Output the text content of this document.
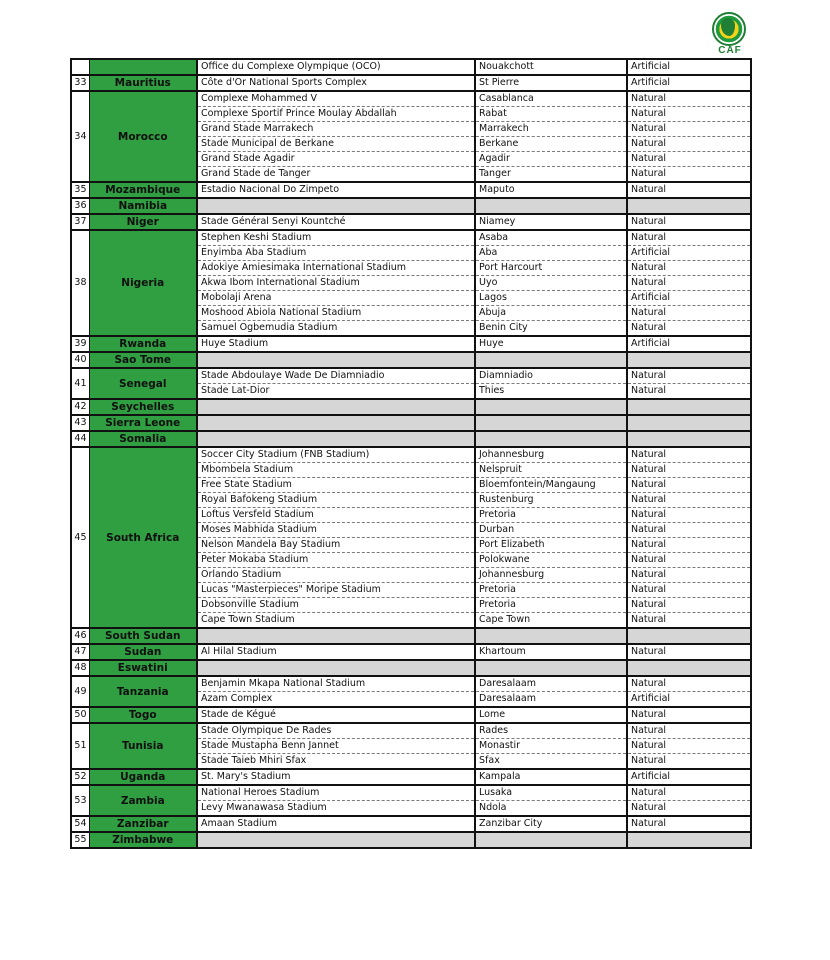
CAF
		Office du Complexe Olympique (OCO)	Nouakchott	Artificial
33	Mauritius	Côte d'Or National Sports Complex	St Pierre	Artificial
34	Morocco	Complexe Mohammed V	Casablanca	Natural
		Complexe Sportif Prince Moulay Abdallah	Rabat	Natural
		Grand Stade Marrakech	Marrakech	Natural
		Stade Municipal de Berkane	Berkane	Natural
		Grand Stade Agadir	Agadir	Natural
		Grand Stade de Tanger	Tanger	Natural
35	Mozambique	Estadio Nacional Do Zimpeto	Maputo	Natural
36	Namibia			
37	Niger	Stade Général Senyi Kountché	Niamey	Natural
38	Nigeria	Stephen Keshi Stadium	Asaba	Natural
		Enyimba Aba Stadium	Aba	Artificial
		Adokiye Amiesimaka International Stadium	Port Harcourt	Natural
		Akwa Ibom International Stadium	Uyo	Natural
		Mobolaji Arena	Lagos	Artificial
		Moshood Abiola National Stadium	Abuja	Natural
		Samuel Ogbemudia Stadium	Benin City	Natural
39	Rwanda	Huye Stadium	Huye	Artificial
40	Sao Tome			
41	Senegal	Stade Abdoulaye Wade De Diamniadio	Diamniadio	Natural
		Stade Lat-Dior	Thies	Natural
42	Seychelles			
43	Sierra Leone			
44	Somalia			
45	South Africa	Soccer City Stadium (FNB Stadium)	Johannesburg	Natural
		Mbombela Stadium	Nelspruit	Natural
		Free State Stadium	Bloemfontein/Mangaung	Natural
		Royal Bafokeng Stadium	Rustenburg	Natural
		Loftus Versfeld Stadium	Pretoria	Natural
		Moses Mabhida Stadium	Durban	Natural
		Nelson Mandela Bay Stadium	Port Elizabeth	Natural
		Peter Mokaba Stadium	Polokwane	Natural
		Orlando Stadium	Johannesburg	Natural
		Lucas "Masterpieces" Moripe Stadium	Pretoria	Natural
		Dobsonville Stadium	Pretoria	Natural
		Cape Town Stadium	Cape Town	Natural
46	South Sudan			
47	Sudan	Al Hilal Stadium	Khartoum	Natural
48	Eswatini			
49	Tanzania	Benjamin Mkapa National Stadium	Daresalaam	Natural
		Azam Complex	Daresalaam	Artificial
50	Togo	Stade de Kégué	Lome	Natural
51	Tunisia	Stade Olympique De Rades	Rades	Natural
		Stade Mustapha Benn Jannet	Monastir	Natural
		Stade Taieb Mhiri Sfax	Sfax	Natural
52	Uganda	St. Mary's Stadium	Kampala	Artificial
53	Zambia	National Heroes Stadium	Lusaka	Natural
		Levy Mwanawasa Stadium	Ndola	Natural
54	Zanzibar	Amaan Stadium	Zanzibar City	Natural
55	Zimbabwe			
